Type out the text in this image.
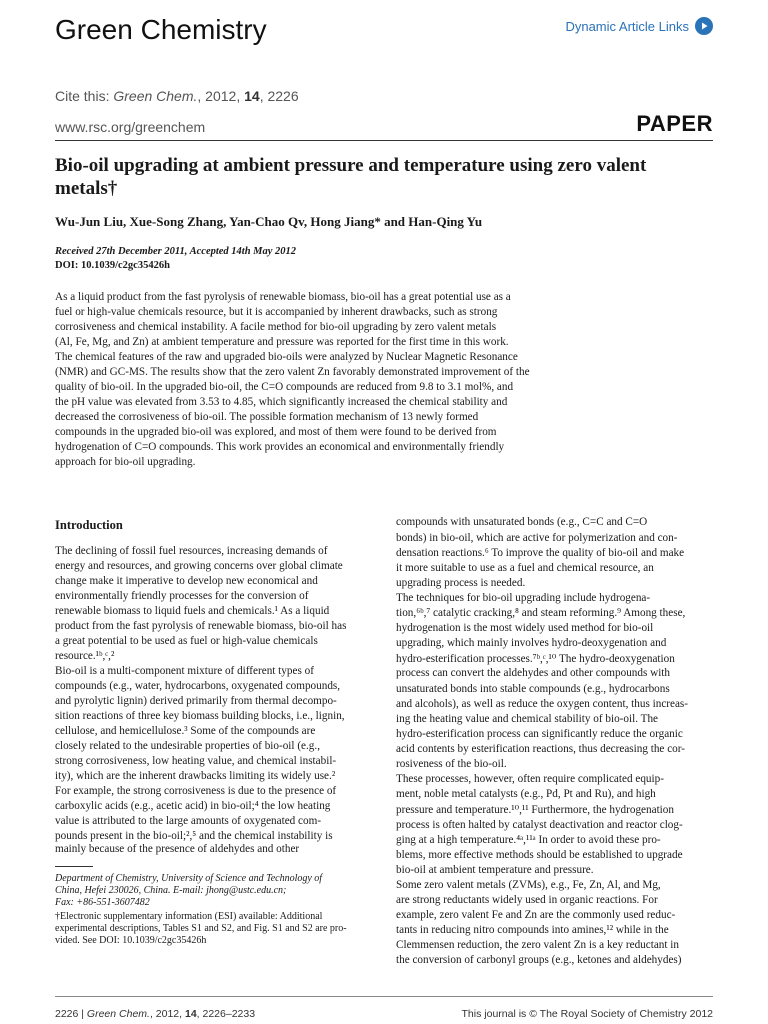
Green Chemistry	Dynamic Article Links
Cite this: Green Chem., 2012, 14, 2226
www.rsc.org/greenchem	PAPER
Bio-oil upgrading at ambient pressure and temperature using zero valent metals†
Wu-Jun Liu, Xue-Song Zhang, Yan-Chao Qv, Hong Jiang* and Han-Qing Yu
Received 27th December 2011, Accepted 14th May 2012
DOI: 10.1039/c2gc35426h
As a liquid product from the fast pyrolysis of renewable biomass, bio-oil has a great potential use as a
fuel or high-value chemicals resource, but it is accompanied by inherent drawbacks, such as strong
corrosiveness and chemical instability. A facile method for bio-oil upgrading by zero valent metals
(Al, Fe, Mg, and Zn) at ambient temperature and pressure was reported for the first time in this work.
The chemical features of the raw and upgraded bio-oils were analyzed by Nuclear Magnetic Resonance
(NMR) and GC-MS. The results show that the zero valent Zn favorably demonstrated improvement of the
quality of bio-oil. In the upgraded bio-oil, the C=O compounds are reduced from 9.8 to 3.1 mol%, and
the pH value was elevated from 3.53 to 4.85, which significantly increased the chemical stability and
decreased the corrosiveness of bio-oil. The possible formation mechanism of 13 newly formed
compounds in the upgraded bio-oil was explored, and most of them were found to be derived from
hydrogenation of C=O compounds. This work provides an economical and environmentally friendly
approach for bio-oil upgrading.
Introduction
The declining of fossil fuel resources, increasing demands of
energy and resources, and growing concerns over global climate
change make it imperative to develop new economical and
environmentally friendly processes for the conversion of
renewable biomass to liquid fuels and chemicals.¹ As a liquid
product from the fast pyrolysis of renewable biomass, bio-oil has
a great potential to be used as fuel or high-value chemicals
resource.¹ᵇ,ᶜ,²
Bio-oil is a multi-component mixture of different types of
compounds (e.g., water, hydrocarbons, oxygenated compounds,
and pyrolytic lignin) derived primarily from thermal decompo-
sition reactions of three key biomass building blocks, i.e., lignin,
cellulose, and hemicellulose.³ Some of the compounds are
closely related to the undesirable properties of bio-oil (e.g.,
strong corrosiveness, low heating value, and chemical instabil-
ity), which are the inherent drawbacks limiting its widely use.²
For example, the strong corrosiveness is due to the presence of
carboxylic acids (e.g., acetic acid) in bio-oil;⁴ the low heating
value is attributed to the large amounts of oxygenated com-
pounds present in the bio-oil;²,⁵ and the chemical instability is
mainly because of the presence of aldehydes and other
Department of Chemistry, University of Science and Technology of
China, Hefei 230026, China. E-mail: jhong@ustc.edu.cn;
Fax: +86-551-3607482
†Electronic supplementary information (ESI) available: Additional
experimental descriptions, Tables S1 and S2, and Fig. S1 and S2 are pro-
vided. See DOI: 10.1039/c2gc35426h
compounds with unsaturated bonds (e.g., C=C and C=O
bonds) in bio-oil, which are active for polymerization and con-
densation reactions.⁶ To improve the quality of bio-oil and make
it more suitable to use as a fuel and chemical resource, an
upgrading process is needed.
The techniques for bio-oil upgrading include hydrogena-
tion,⁶ᵇ,⁷ catalytic cracking,⁸ and steam reforming.⁹ Among these,
hydrogenation is the most widely used method for bio-oil
upgrading, which mainly involves hydro-deoxygenation and
hydro-esterification processes.⁷ᵇ,ᶜ,¹⁰ The hydro-deoxygenation
process can convert the aldehydes and other compounds with
unsaturated bonds into stable compounds (e.g., hydrocarbons
and alcohols), as well as reduce the oxygen content, thus increas-
ing the heating value and chemical stability of bio-oil. The
hydro-esterification process can significantly reduce the organic
acid contents by esterification reactions, thus decreasing the cor-
rosiveness of the bio-oil.
These processes, however, often require complicated equip-
ment, noble metal catalysts (e.g., Pd, Pt and Ru), and high
pressure and temperature.¹⁰,¹¹ Furthermore, the hydrogenation
process is often halted by catalyst deactivation and reactor clog-
ging at a high temperature.⁴ᵃ,¹¹ᵃ In order to avoid these pro-
blems, more effective methods should be established to upgrade
bio-oil at ambient temperature and pressure.
Some zero valent metals (ZVMs), e.g., Fe, Zn, Al, and Mg,
are strong reductants widely used in organic reactions. For
example, zero valent Fe and Zn are the commonly used reduc-
tants in reducing nitro compounds into amines,¹² while in the
Clemmensen reduction, the zero valent Zn is a key reductant in
the conversion of carbonyl groups (e.g., ketones and aldehydes)
2226 | Green Chem., 2012, 14, 2226–2233	This journal is © The Royal Society of Chemistry 2012
